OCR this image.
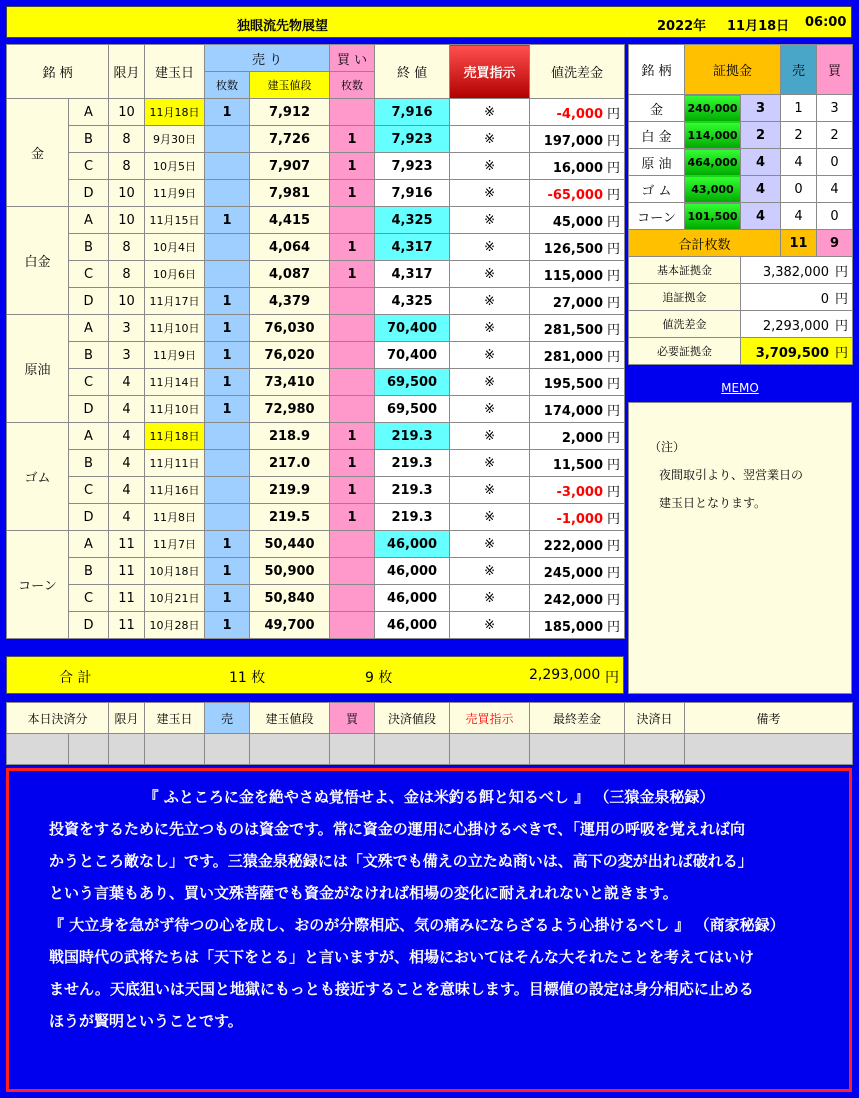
独眼流先物展望	2022年 11月18日 06:00
銘 柄		限月	建玉日	売 り		買 い	終 値	売買指示	値洗差金
				枚数	建玉値段	枚数			
金	A	10	11月18日	1	7,912		7,916	※	-4,000 円
	B	8	9月30日		7,726	1	7,923	※	197,000 円
	C	8	10月5日		7,907	1	7,923	※	16,000 円
	D	10	11月9日		7,981	1	7,916	※	-65,000 円
白金	A	10	11月15日	1	4,415		4,325	※	45,000 円
	B	8	10月4日		4,064	1	4,317	※	126,500 円
	C	8	10月6日		4,087	1	4,317	※	115,000 円
	D	10	11月17日	1	4,379		4,325	※	27,000 円
原油	A	3	11月10日	1	76,030		70,400	※	281,500 円
	B	3	11月9日	1	76,020		70,400	※	281,000 円
	C	4	11月14日	1	73,410		69,500	※	195,500 円
	D	4	11月10日	1	72,980		69,500	※	174,000 円
ゴム	A	4	11月18日		218.9	1	219.3	※	2,000 円
	B	4	11月11日		217.0	1	219.3	※	11,500 円
	C	4	11月16日		219.9	1	219.3	※	-3,000 円
	D	4	11月8日		219.5	1	219.3	※	-1,000 円
コーン	A	11	11月7日	1	50,440		46,000	※	222,000 円
	B	11	10月18日	1	50,900		46,000	※	245,000 円
	C	11	10月21日	1	50,840		46,000	※	242,000 円
	D	11	10月28日	1	49,700		46,000	※	185,000 円
合 計	11 枚	9 枚	2,293,000 円
銘 柄	証拠金		売	買
金	240,000	3	1	3
白 金	114,000	2	2	2
原 油	464,000	4	4	0
ゴ ム	43,000	4	0	4
コーン	101,500	4	4	0
合計枚数			11	9
基本証拠金		3,382,000 円		
追証拠金		0 円		
値洗差金		2,293,000 円		
必要証拠金		3,709,500 円		
MEMO
（注）
夜間取引より、翌営業日の
建玉日となります。
本日決済分		限月	建玉日	売	建玉値段	買	決済値段	売買指示	最終差金	決済日	備考

『 ふところに金を絶やさぬ覚悟せよ、金は米釣る餌と知るべし 』 （三猿金泉秘録）

投資をするために先立つものは資金です。常に資金の運用に心掛けるべきで、「運用の呼吸を覚えれば向

かうところ敵なし」です。三猿金泉秘録には「文殊でも備えの立たぬ商いは、高下の変が出れば破れる」

という言葉もあり、買い文殊菩薩でも資金がなければ相場の変化に耐えれれないと説きます。

『 大立身を急がず待つの心を成し、おのが分際相応、気の痛みにならざるよう心掛けるべし 』 （商家秘録）

戦国時代の武将たちは「天下をとる」と言いますが、相場においてはそんな大それたことを考えてはいけ

ません。天底狙いは天国と地獄にもっとも接近することを意味します。目標値の設定は身分相応に止める

ほうが賢明ということです。
